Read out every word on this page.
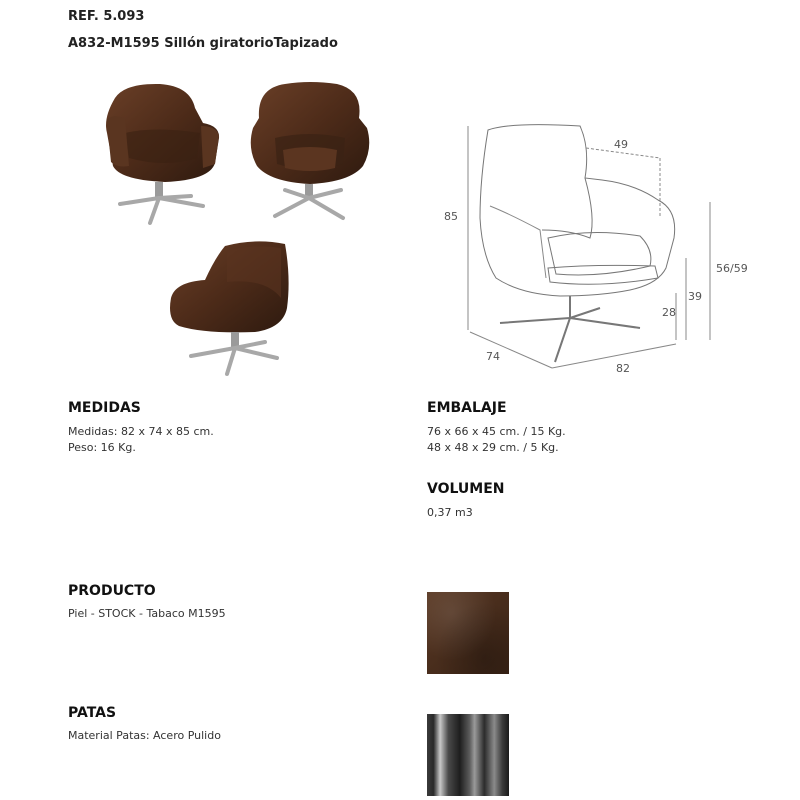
REF. 5.093
A832-M1595 Sillón giratorioTapizado
85
74
82
49
39
28
56/59
MEDIDAS
Medidas: 82 x 74 x 85 cm.
Peso: 16 Kg.
EMBALAJE
76 x 66 x 45 cm. / 15 Kg.
48 x 48 x 29 cm. / 5 Kg.
VOLUMEN
0,37 m3
PRODUCTO
Piel - STOCK - Tabaco M1595
PATAS
Material Patas: Acero Pulido
